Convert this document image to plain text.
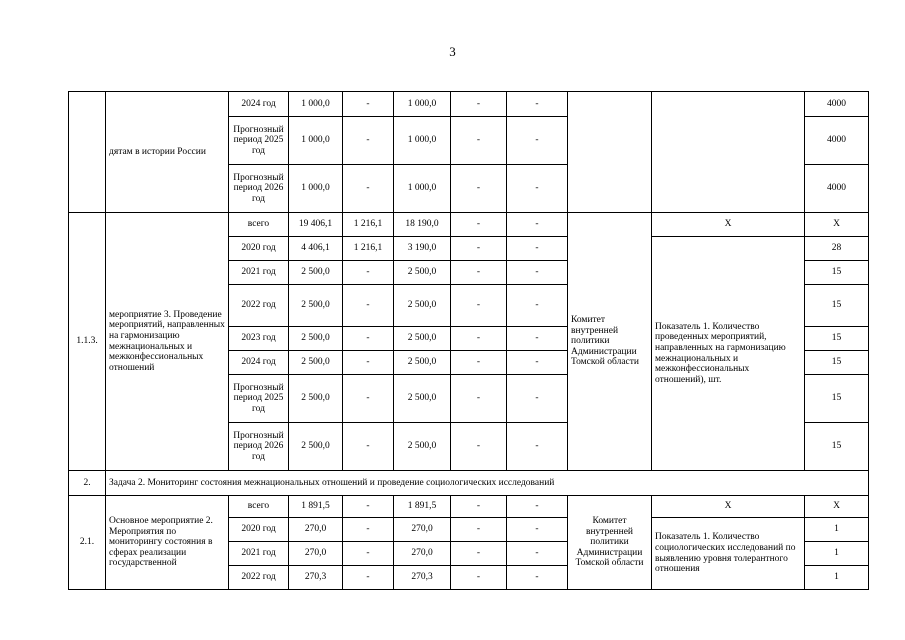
3
	дятам в истории России	2024 год	1 000,0	-	1 000,0	-	-			4000
		Прогнозный период 2025 год	1 000,0	-	1 000,0	-	-			4000
		Прогнозный период 2026 год	1 000,0	-	1 000,0	-	-			4000
1.1.3.	мероприятие 3. Проведение мероприятий, направленных на гармонизацию межнациональных и межконфессиональных отношений	всего	19 406,1	1 216,1	18 190,0	-	-	Комитет внутренней политики Администрации Томской области	X	X
		2020 год	4 406,1	1 216,1	3 190,0	-	-		Показатель 1. Количество проведенных мероприятий, направленных на гармонизацию межнациональных и межконфессиональных отношений), шт.	28
		2021 год	2 500,0	-	2 500,0	-	-			15
		2022 год	2 500,0	-	2 500,0	-	-			15
		2023 год	2 500,0	-	2 500,0	-	-			15
		2024 год	2 500,0	-	2 500,0	-	-			15
		Прогнозный период 2025 год	2 500,0	-	2 500,0	-	-			15
		Прогнозный период 2026 год	2 500,0	-	2 500,0	-	-			15
2.	Задача 2. Мониторинг состояния межнациональных отношений и проведение социологических исследований									
2.1.	Основное мероприятие 2. Мероприятия по мониторингу состояния в сферах реализации государственной	всего	1 891,5	-	1 891,5	-	-	Комитет внутренней политики Администрации Томской области	X	X
		2020 год	270,0	-	270,0	-	-		Показатель 1. Количество социологических исследований по выявлению уровня толерантного отношения	1
		2021 год	270,0	-	270,0	-	-			1
		2022 год	270,3	-	270,3	-	-			1
